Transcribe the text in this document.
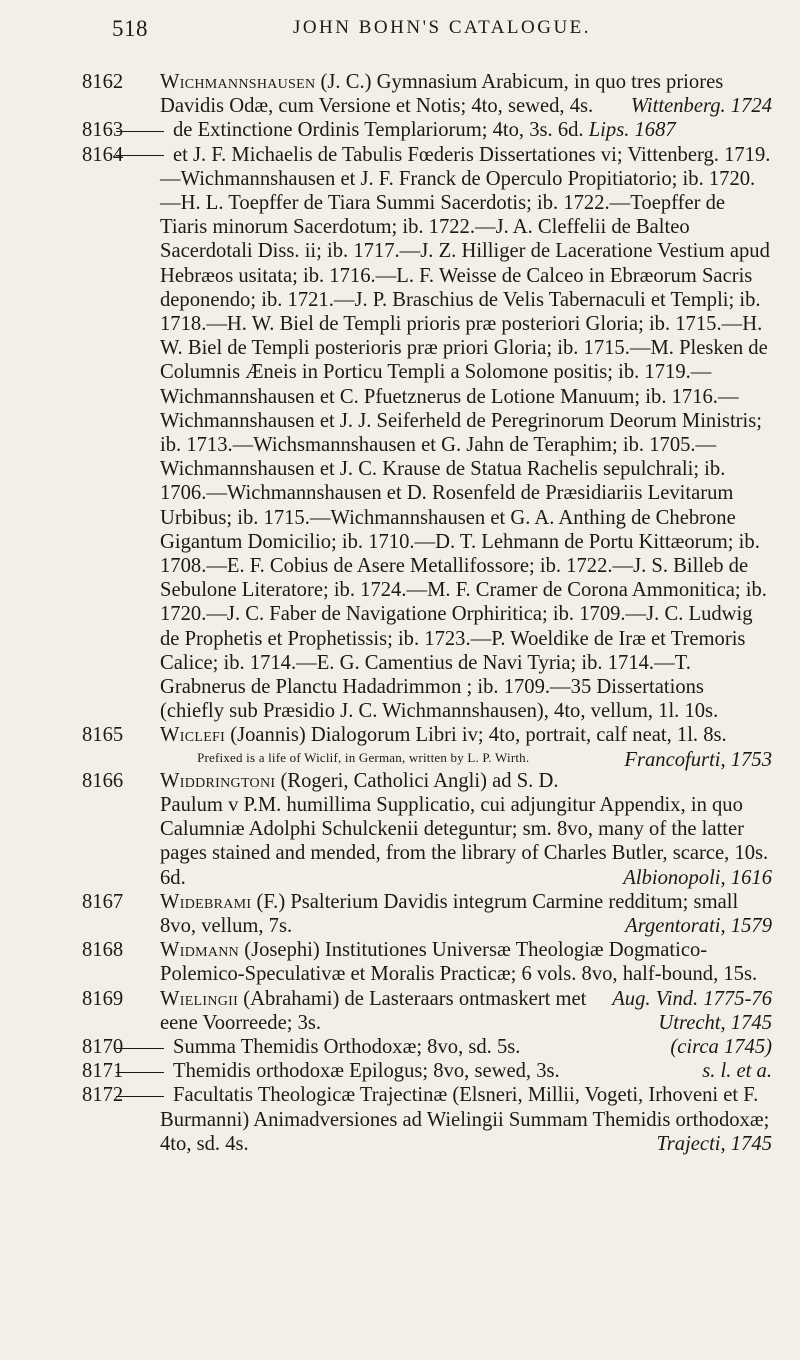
518	JOHN BOHN'S CATALOGUE.

8162 Wichmannshausen (J. C.) Gymnasium Arabicum, in quo tres priores Davidis Odæ, cum Versione et Notis; 4to, sewed, 4s.	Wittenberg. 1724

8163 de Extinctione Ordinis Templariorum; 4to, 3s. 6d. Lips. 1687

8164 et J. F. Michaelis de Tabulis Fœderis Dissertationes vi; Vittenberg. 1719.—Wichmannshausen et J. F. Franck de Operculo Propitiatorio; ib. 1720.—H. L. Toepffer de Tiara Summi Sacerdotis; ib. 1722.—Toepffer de Tiaris minorum Sacerdotum; ib. 1722.—J. A. Cleffelii de Balteo Sacerdotali Diss. ii; ib. 1717.—J. Z. Hilliger de Laceratione Vestium apud Hebræos usitata; ib. 1716.—L. F. Weisse de Calceo in Ebræorum Sacris deponendo; ib. 1721.—J. P. Braschius de Velis Tabernaculi et Templi; ib. 1718.—H. W. Biel de Templi prioris præ posteriori Gloria; ib. 1715.—H. W. Biel de Templi posterioris præ priori Gloria; ib. 1715.—M. Plesken de Columnis Æneis in Porticu Templi a Solomone positis; ib. 1719.—Wichmannshausen et C. Pfuetznerus de Lotione Manuum; ib. 1716.—Wichmannshausen et J. J. Seiferheld de Peregrinorum Deorum Ministris; ib. 1713.—Wichsmannshausen et G. Jahn de Teraphim; ib. 1705.—Wichmannshausen et J. C. Krause de Statua Rachelis sepulchrali; ib. 1706.—Wichmannshausen et D. Rosenfeld de Præsidiariis Levitarum Urbibus; ib. 1715.—Wichmannshausen et G. A. Anthing de Chebrone Gigantum Domicilio; ib. 1710.—D. T. Lehmann de Portu Kittæorum; ib. 1708.—E. F. Cobius de Asere Metallifossore; ib. 1722.—J. S. Billeb de Sebulone Literatore; ib. 1724.—M. F. Cramer de Corona Ammonitica; ib. 1720.—J. C. Faber de Navigatione Orphiritica; ib. 1709.—J. C. Ludwig de Prophetis et Prophetissis; ib. 1723.—P. Woeldike de Iræ et Tremoris Calice; ib. 1714.—E. G. Camentius de Navi Tyria; ib. 1714.—T. Grabnerus de Planctu Hadadrimmon ; ib. 1709.—35 Dissertations (chiefly sub Præsidio J. C. Wichmannshausen), 4to, vellum, 1l. 10s.

8165 Wiclefi (Joannis) Dialogorum Libri iv; 4to, portrait, calf neat, 1l. 8s.
Francofurti, 1753

Prefixed is a life of Wiclif, in German, written by L. P. Wirth.

8166 Widdringtoni (Rogeri, Catholici Angli) ad S. D. Paulum v P.M. humillima Supplicatio, cui adjungitur Appendix, in quo Calumniæ Adolphi Schulckenii deteguntur; sm. 8vo, many of the latter pages stained and mended, from the library of Charles Butler, scarce, 10s. 6d.	Albionopoli, 1616

8167 Widebrami (F.) Psalterium Davidis integrum Carmine redditum; small 8vo, vellum, 7s.	Argentorati, 1579

8168 Widmann (Josephi) Institutiones Universæ Theologiæ Dogmatico-Polemico-Speculativæ et Moralis Practicæ; 6 vols. 8vo, half-bound, 15s.
Aug. Vind. 1775-76

8169 Wielingii (Abrahami) de Lasteraars ontmaskert met eene Voorreede; 3s.	Utrecht, 1745

8170 Summa Themidis Orthodoxæ; 8vo, sd. 5s.	(circa 1745)

8171 Themidis orthodoxæ Epilogus; 8vo, sewed, 3s.	s. l. et a.

8172 Facultatis Theologicæ Trajectinæ (Elsneri, Millii, Vogeti, Irhoveni et F. Burmanni) Animadversiones ad Wielingii Summam Themidis orthodoxæ; 4to, sd. 4s.	Trajecti, 1745
